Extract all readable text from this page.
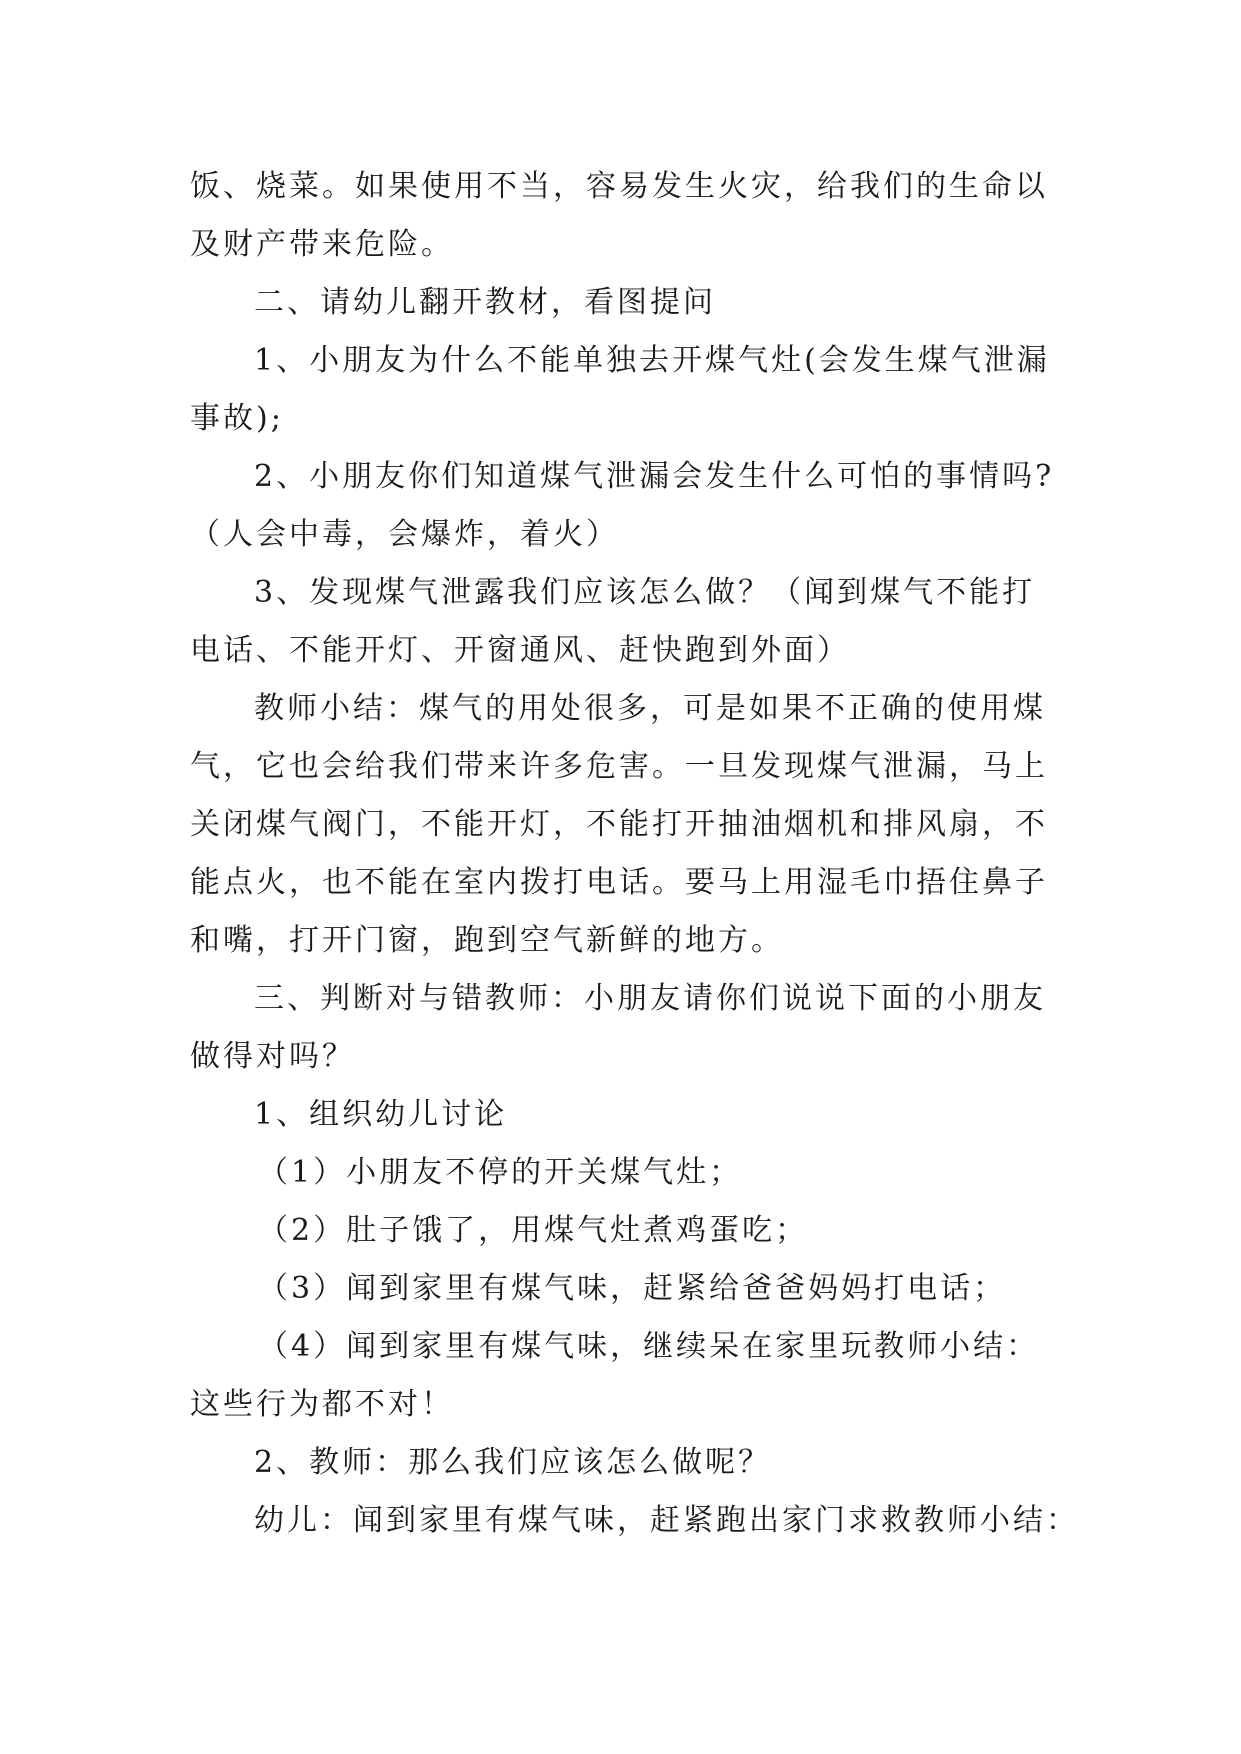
饭、烧菜。如果使用不当，容易发生火灾，给我们的生命以

及财产带来危险。

二、请幼儿翻开教材，看图提问

1、小朋友为什么不能单独去开煤气灶(会发生煤气泄漏

事故);

2、小朋友你们知道煤气泄漏会发生什么可怕的事情吗?

（人会中毒，会爆炸，着火）

3、发现煤气泄露我们应该怎么做？（闻到煤气不能打

电话、不能开灯、开窗通风、赶快跑到外面）

教师小结：煤气的用处很多，可是如果不正确的使用煤

气，它也会给我们带来许多危害。一旦发现煤气泄漏，马上

关闭煤气阀门，不能开灯，不能打开抽油烟机和排风扇，不

能点火，也不能在室内拨打电话。要马上用湿毛巾捂住鼻子

和嘴，打开门窗，跑到空气新鲜的地方。

三、判断对与错教师：小朋友请你们说说下面的小朋友

做得对吗？

1、组织幼儿讨论

（1）小朋友不停的开关煤气灶；

（2）肚子饿了，用煤气灶煮鸡蛋吃；

（3）闻到家里有煤气味，赶紧给爸爸妈妈打电话；

（4）闻到家里有煤气味，继续呆在家里玩教师小结：

这些行为都不对！

2、教师：那么我们应该怎么做呢？

幼儿：闻到家里有煤气味，赶紧跑出家门求救教师小结：
